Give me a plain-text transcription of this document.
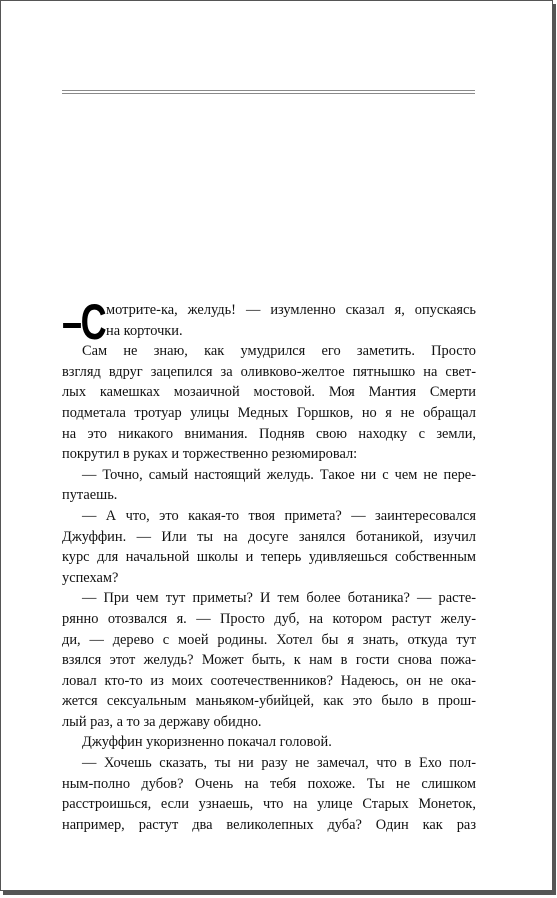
–С мотрите-ка, желудь! — изумленно сказал я, опускаясь
на корточки.
Сам не знаю, как умудрился его заметить. Просто
взгляд вдруг зацепился за оливково-желтое пятнышко на свет-
лых камешках мозаичной мостовой. Моя Мантия Смерти
подметала тротуар улицы Медных Горшков, но я не обращал
на это никакого внимания. Подняв свою находку с земли,
покрутил в руках и торжественно резюмировал:
— Точно, самый настоящий желудь. Такое ни с чем не пере-
путаешь.
— А что, это какая-то твоя примета? — заинтересовался
Джуффин. — Или ты на досуге занялся ботаникой, изучил
курс для начальной школы и теперь удивляешься собственным
успехам?
— При чем тут приметы? И тем более ботаника? — расте-
рянно отозвался я. — Просто дуб, на котором растут желу-
ди, — дерево с моей родины. Хотел бы я знать, откуда тут
взялся этот желудь? Может быть, к нам в гости снова пожа-
ловал кто-то из моих соотечественников? Надеюсь, он не ока-
жется сексуальным маньяком-убийцей, как это было в прош-
лый раз, а то за державу обидно.
Джуффин укоризненно покачал головой.
— Хочешь сказать, ты ни разу не замечал, что в Ехо пол-
ным-полно дубов? Очень на тебя похоже. Ты не слишком
расстроишься, если узнаешь, что на улице Старых Монеток,
например, растут два великолепных дуба? Один как раз
